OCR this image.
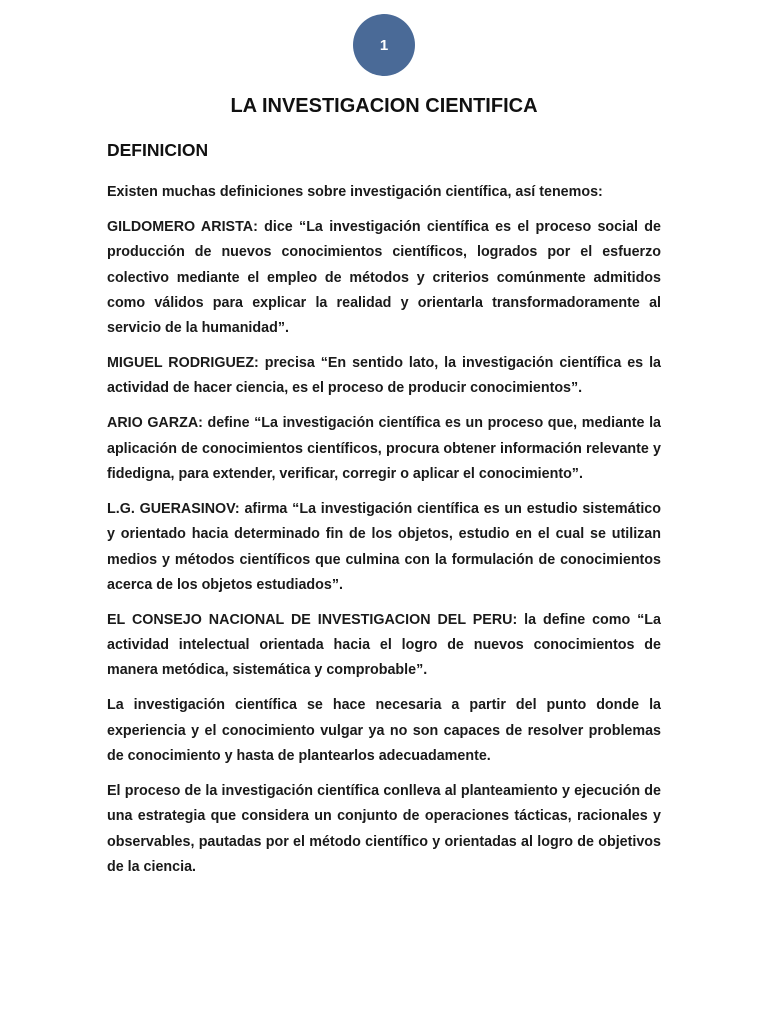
1
LA INVESTIGACION CIENTIFICA
DEFINICION

Existen muchas definiciones sobre investigación científica, así tenemos:

GILDOMERO ARISTA: dice “La investigación científica es el proceso social de producción de nuevos conocimientos científicos, logrados por el esfuerzo colectivo mediante el empleo de métodos y criterios comúnmente admitidos como válidos para explicar la realidad y orientarla transformadoramente al servicio de la humanidad”.

MIGUEL RODRIGUEZ: precisa “En sentido lato, la investigación científica es la actividad de hacer ciencia, es el proceso de producir conocimientos”.

ARIO GARZA: define “La investigación científica es un proceso que, mediante la aplicación de conocimientos científicos, procura obtener información relevante y fidedigna, para extender, verificar, corregir o aplicar el conocimiento”.

L.G. GUERASINOV: afirma “La investigación científica es un estudio sistemático y orientado hacia determinado fin de los objetos, estudio en el cual se utilizan medios y métodos científicos que culmina con la formulación de conocimientos acerca de los objetos estudiados”.

EL CONSEJO NACIONAL DE INVESTIGACION DEL PERU: la define como “La actividad intelectual orientada hacia el logro de nuevos conocimientos de manera metódica, sistemática y comprobable”.

La investigación científica se hace necesaria a partir del punto donde la experiencia y el conocimiento vulgar ya no son capaces de resolver problemas de conocimiento y hasta de plantearlos adecuadamente.

El proceso de la investigación científica conlleva al planteamiento y ejecución de una estrategia que considera un conjunto de operaciones tácticas, racionales y observables, pautadas por el método científico y orientadas al logro de objetivos de la ciencia.
